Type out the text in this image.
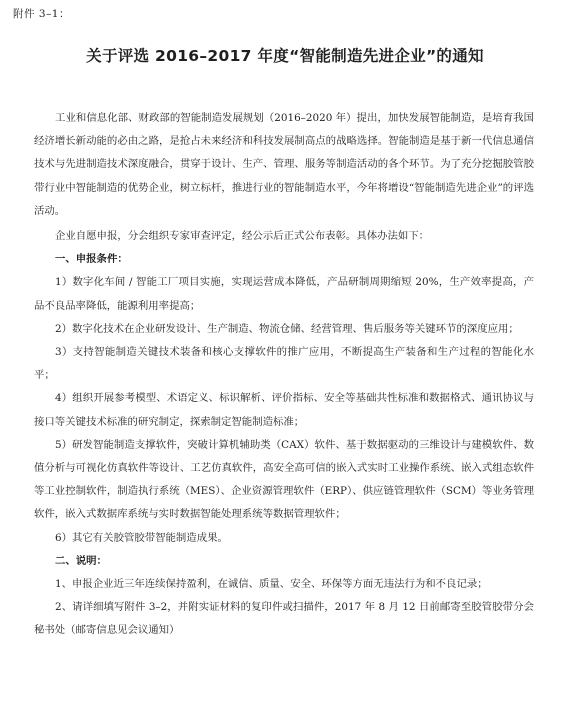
附件 3–1：
关于评选 2016–2017 年度“智能制造先进企业”的通知

工业和信息化部、财政部的智能制造发展规划（2016–2020 年）提出，加快发展智能制造，是培育我国经济增长新动能的必由之路，是抢占未来经济和科技发展制高点的战略选择。智能制造是基于新一代信息通信技术与先进制造技术深度融合，贯穿于设计、生产、管理、服务等制造活动的各个环节。为了充分挖掘胶管胶带行业中智能制造的优势企业，树立标杆，推进行业的智能制造水平，今年将增设“智能制造先进企业”的评选活动。

企业自愿申报，分会组织专家审查评定，经公示后正式公布表彰。具体办法如下：

一、申报条件：

1）数字化车间 / 智能工厂项目实施，实现运营成本降低，产品研制周期缩短 20%，生产效率提高，产品不良品率降低，能源利用率提高；

2）数字化技术在企业研发设计、生产制造、物流仓储、经营管理、售后服务等关键环节的深度应用；

3）支持智能制造关键技术装备和核心支撑软件的推广应用，不断提高生产装备和生产过程的智能化水平；

4）组织开展参考模型、术语定义、标识解析、评价指标、安全等基础共性标准和数据格式、通讯协议与接口等关键技术标准的研究制定，探索制定智能制造标准；

5）研发智能制造支撑软件，突破计算机辅助类（CAX）软件、基于数据驱动的三维设计与建模软件、数值分析与可视化仿真软件等设计、工艺仿真软件，高安全高可信的嵌入式实时工业操作系统、嵌入式组态软件等工业控制软件，制造执行系统（MES）、企业资源管理软件（ERP）、供应链管理软件（SCM）等业务管理软件，嵌入式数据库系统与实时数据智能处理系统等数据管理软件；

6）其它有关胶管胶带智能制造成果。

二、说明：

1、申报企业近三年连续保持盈利，在诚信、质量、安全、环保等方面无违法行为和不良记录；

2、请详细填写附件 3–2，并附实证材料的复印件或扫描件，2017 年 8 月 12 日前邮寄至胶管胶带分会秘书处（邮寄信息见会议通知）
